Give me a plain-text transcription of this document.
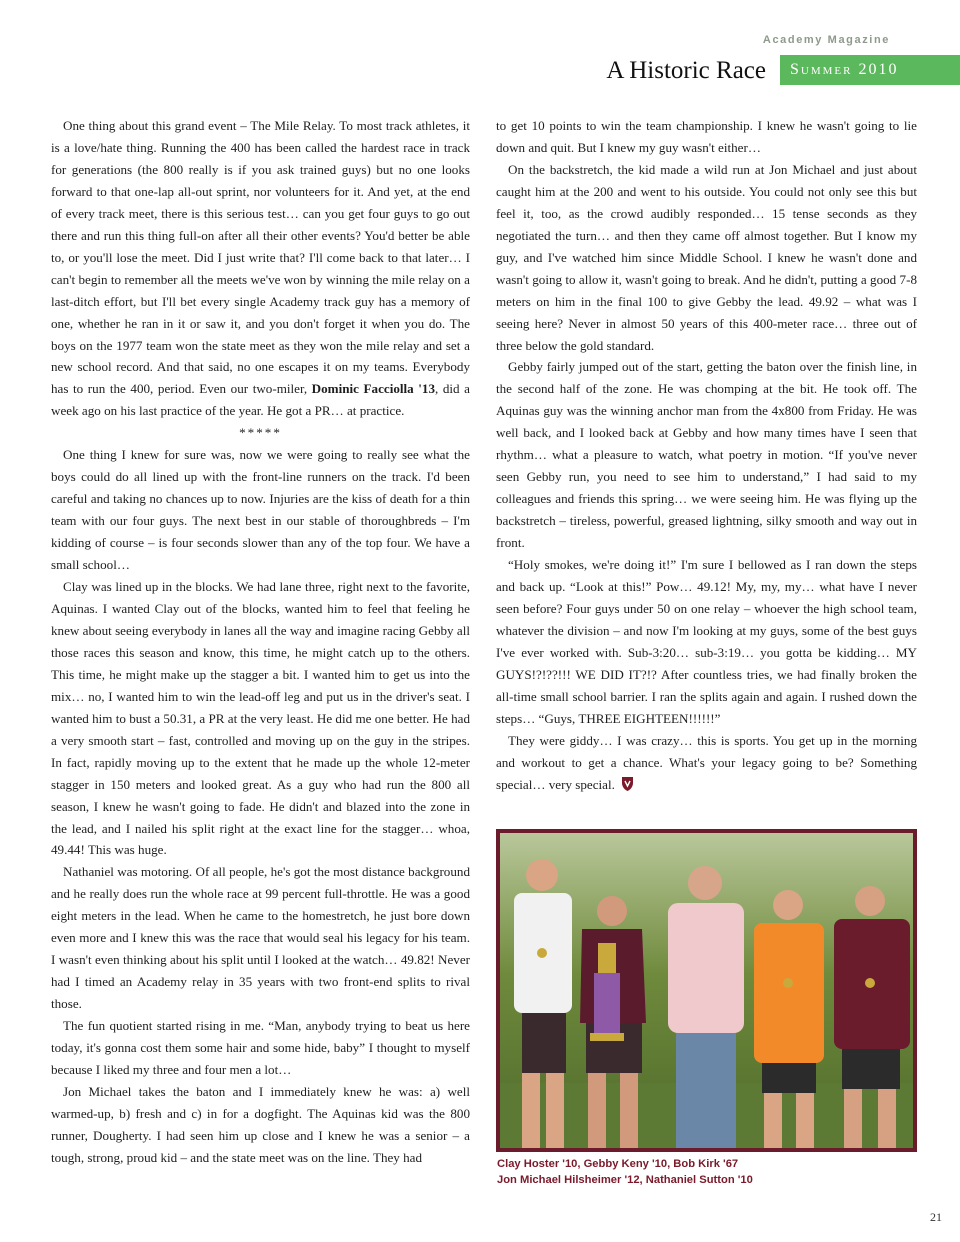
Academy Magazine
A Historic Race	Summer 2010

One thing about this grand event – The Mile Relay. To most track athletes, it is a love/hate thing. Running the 400 has been called the hardest race in track for generations (the 800 really is if you ask trained guys) but no one looks forward to that one-lap all-out sprint, nor volunteers for it. And yet, at the end of every track meet, there is this serious test… can you get four guys to go out there and run this thing full-on after all their other events? You'd better be able to, or you'll lose the meet. Did I just write that? I'll come back to that later… I can't begin to remember all the meets we've won by winning the mile relay on a last-ditch effort, but I'll bet every single Academy track guy has a memory of one, whether he ran in it or saw it, and you don't forget it when you do. The boys on the 1977 team won the state meet as they won the mile relay and set a new school record. And that said, no one escapes it on my teams. Everybody has to run the 400, period. Even our two-miler, Dominic Facciolla '13, did a week ago on his last practice of the year. He got a PR… at practice.

*****

One thing I knew for sure was, now we were going to really see what the boys could do all lined up with the front-line runners on the track. I'd been careful and taking no chances up to now. Injuries are the kiss of death for a thin team with our four guys. The next best in our stable of thoroughbreds – I'm kidding of course – is four seconds slower than any of the top four. We have a small school…

Clay was lined up in the blocks. We had lane three, right next to the favorite, Aquinas. I wanted Clay out of the blocks, wanted him to feel that feeling he knew about seeing everybody in lanes all the way and imagine racing Gebby all those races this season and know, this time, he might catch up to the others. This time, he might make up the stagger a bit. I wanted him to get us into the mix… no, I wanted him to win the lead-off leg and put us in the driver's seat. I wanted him to bust a 50.31, a PR at the very least. He did me one better. He had a very smooth start – fast, controlled and moving up on the guy in the stripes. In fact, rapidly moving up to the extent that he made up the whole 12-meter stagger in 150 meters and looked great. As a guy who had run the 800 all season, I knew he wasn't going to fade. He didn't and blazed into the zone in the lead, and I nailed his split right at the exact line for the stagger… whoa, 49.44! This was huge.

Nathaniel was motoring. Of all people, he's got the most distance background and he really does run the whole race at 99 percent full-throttle. He was a good eight meters in the lead. When he came to the homestretch, he just bore down even more and I knew this was the race that would seal his legacy for his team. I wasn't even thinking about his split until I looked at the watch… 49.82! Never had I timed an Academy relay in 35 years with two front-end splits to rival those.

The fun quotient started rising in me. “Man, anybody trying to beat us here today, it's gonna cost them some hair and some hide, baby” I thought to myself because I liked my three and four men a lot…

Jon Michael takes the baton and I immediately knew he was: a) well warmed-up, b) fresh and c) in for a dogfight. The Aquinas kid was the 800 runner, Dougherty. I had seen him up close and I knew he was a senior – a tough, strong, proud kid – and the state meet was on the line. They had

to get 10 points to win the team championship. I knew he wasn't going to lie down and quit. But I knew my guy wasn't either…

On the backstretch, the kid made a wild run at Jon Michael and just about caught him at the 200 and went to his outside. You could not only see this but feel it, too, as the crowd audibly responded… 15 tense seconds as they negotiated the turn… and then they came off almost together. But I know my guy, and I've watched him since Middle School. I knew he wasn't done and wasn't going to allow it, wasn't going to break. And he didn't, putting a good 7-8 meters on him in the final 100 to give Gebby the lead. 49.92 – what was I seeing here? Never in almost 50 years of this 400-meter race… three out of three below the gold standard.

Gebby fairly jumped out of the start, getting the baton over the finish line, in the second half of the zone. He was chomping at the bit. He took off. The Aquinas guy was the winning anchor man from the 4x800 from Friday. He was well back, and I looked back at Gebby and how many times have I seen that rhythm… what a pleasure to watch, what poetry in motion. “If you've never seen Gebby run, you need to see him to understand,” I had said to my colleagues and friends this spring… we were seeing him. He was flying up the backstretch – tireless, powerful, greased lightning, silky smooth and way out in front.

“Holy smokes, we're doing it!” I'm sure I bellowed as I ran down the steps and back up. “Look at this!” Pow… 49.12! My, my, my… what have I never seen before? Four guys under 50 on one relay – whoever the high school team, whatever the division – and now I'm looking at my guys, some of the best guys I've ever worked with. Sub-3:20… sub-3:19… you gotta be kidding… MY GUYS!?!??!!! WE DID IT?!? After countless tries, we had finally broken the all-time small school barrier. I ran the splits again and again. I rushed down the steps… “Guys, THREE EIGHTEEN!!!!!!”

They were giddy… I was crazy… this is sports. You get up in the morning and workout to get a chance. What's your legacy going to be? Something special… very special.

Clay Hoster '10, Gebby Keny '10, Bob Kirk '67
Jon Michael Hilsheimer '12, Nathaniel Sutton '10
21
